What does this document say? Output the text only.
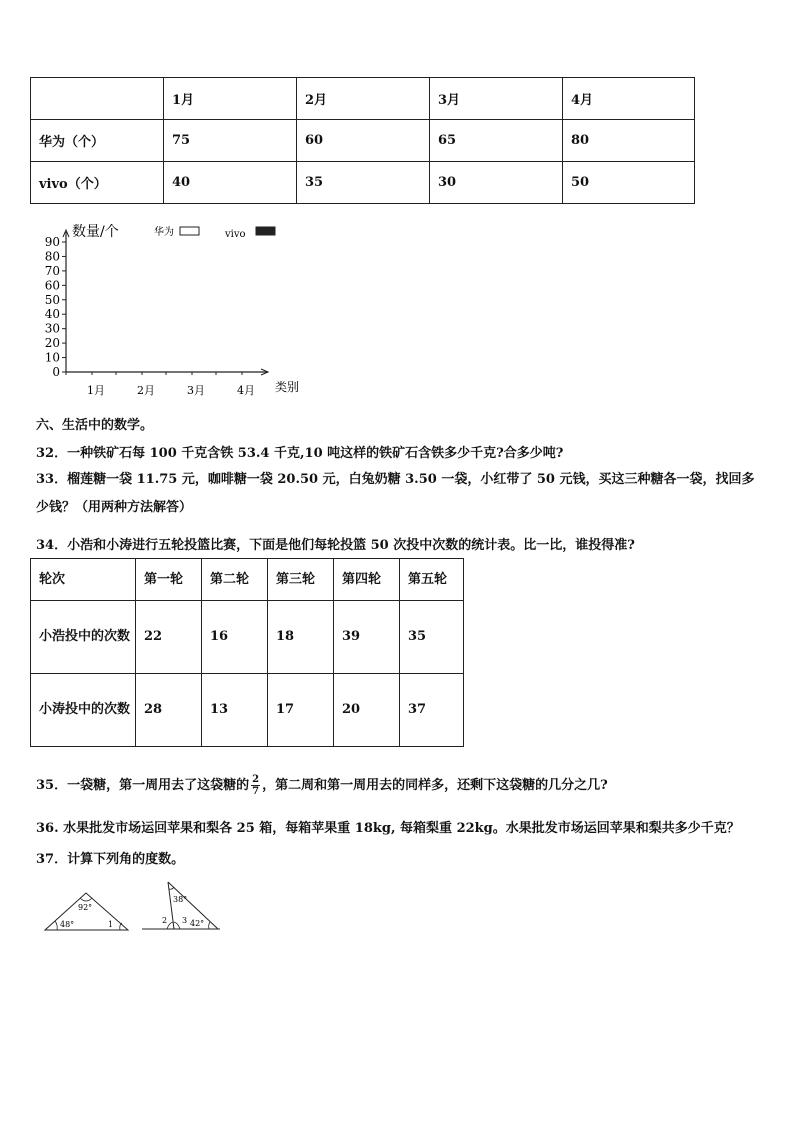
	1月	2月	3月	4月
华为（个）	75	60	65	80
vivo（个）	40	35	30	50
数量/个	华为	vivo
90
80
70
60
50
40
30
20
10
0
1月	2月	3月	4月 类别
六、生活中的数学。
32．一种铁矿石每 100 千克含铁 53.4 千克,10 吨这样的铁矿石含铁多少千克?合多少吨?
33．榴莲糖一袋 11.75 元，咖啡糖一袋 20.50 元，白兔奶糖 3.50 一袋，小红带了 50 元钱，买这三种糖各一袋，找回多少钱？（用两种方法解答）
34．小浩和小涛进行五轮投篮比赛，下面是他们每轮投篮 50 次投中次数的统计表。比一比，谁投得准?
轮次	第一轮	第二轮	第三轮	第四轮	第五轮
小浩投中的次数	22	16	18	39	35
小涛投中的次数	28	13	17	20	37
35．一袋糖，第一周用去了这袋糖的 $\frac{2}{7}$ ，第二周和第一周用去的同样多，还剩下这袋糖的几分之几?
36. 水果批发市场运回苹果和梨各 25 箱，每箱苹果重 18kg, 每箱梨重 22kg。水果批发市场运回苹果和梨共多少千克？
37．计算下列角的度数。
92°
48°	1
38°
2 3 42°
